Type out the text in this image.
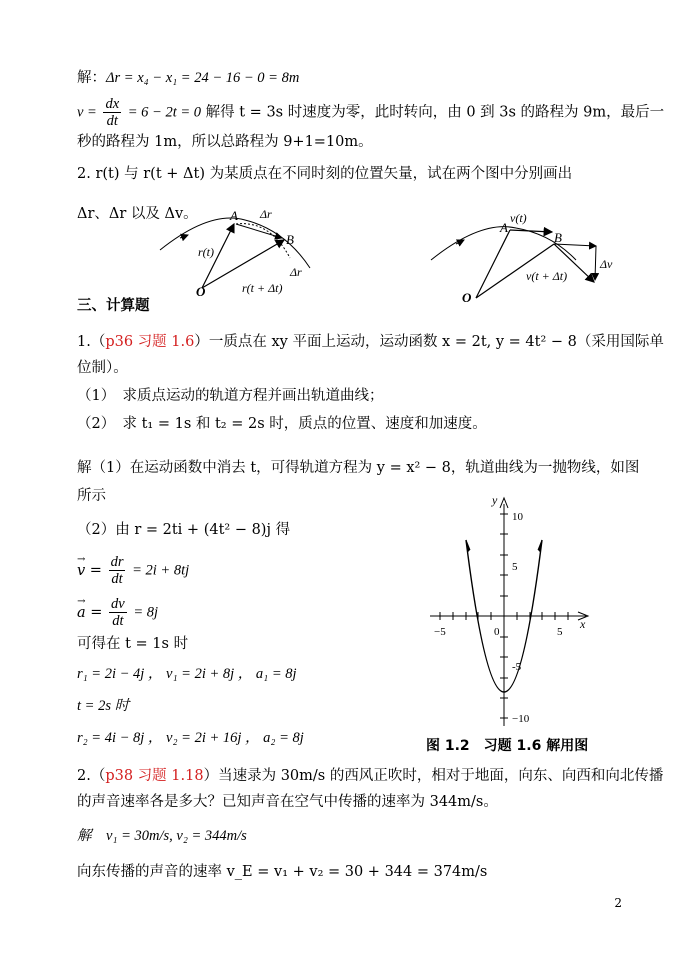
解：Δr = x₄ − x₁ = 24 − 16 − 0 = 8m
$v = \frac{dx}{dt} = 6 - 2t = 0$ 解得 t = 3s 时速度为零，此时转向，由 0 到 3s 的路程为 9m，最后一
秒的路程为 1m，所以总路程为 9+1=10m。
2. r(t) 与 r(t + Δt) 为某质点在不同时刻的位置矢量，试在两个图中分别画出
Δr、Δr 以及 Δv。 A
B
O
Δr
r(t)
r(t + Δt)
Δr
A
B
O
v(t)
v(t + Δt)
Δv
三、计算题
1.（p36 习题 1.6）一质点在 xy 平面上运动，运动函数 x = 2t, y = 4t² − 8（采用国际单
位制）。
（1）　求质点运动的轨道方程并画出轨道曲线；
（2）　求 t₁ = 1s 和 t₂ = 2s 时，质点的位置、速度和加速度。
解（1）在运动函数中消去 t，可得轨道方程为 y = x² − 8，轨道曲线为一抛物线，如图
所示
（2）由 r = 2ti + (4t² − 8)j 得
→ $v = \frac{dr}{dt} = 2i + 8tj$
→ $a = \frac{dv}{dt} = 8j$
可得在 t = 1s 时
r₁ = 2i − 4j ， v₁ = 2i + 8j ， a₁ = 8j
t = 2s 时
r₂ = 4i − 8j ， v₂ = 2i + 16j ， a₂ = 8j
y
x
10
5
-5
−10
−5	0	5
图 1.2　习题 1.6 解用图
2.（p38 习题 1.18）当速录为 30m/s 的西风正吹时，相对于地面，向东、向西和向北传播
的声音速率各是多大？已知声音在空气中传播的速率为 344m/s。
解　v₁ = 30m/s, v₂ = 344m/s
向东传播的声音的速率 v_E = v₁ + v₂ = 30 + 344 = 374m/s
2
